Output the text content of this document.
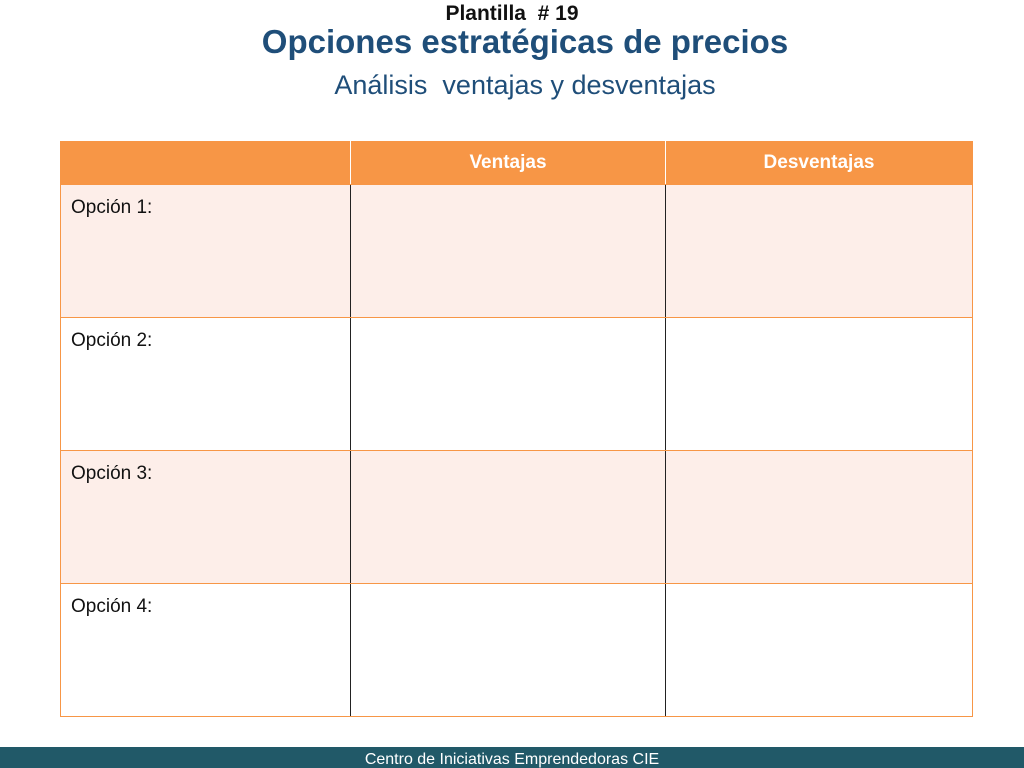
Plantilla  # 19
Opciones estratégicas de precios
Análisis  ventajas y desventajas
	Ventajas	Desventajas
Opción 1:		
Opción 2:		
Opción 3:		
Opción 4:		
Centro de Iniciativas Emprendedoras CIE
